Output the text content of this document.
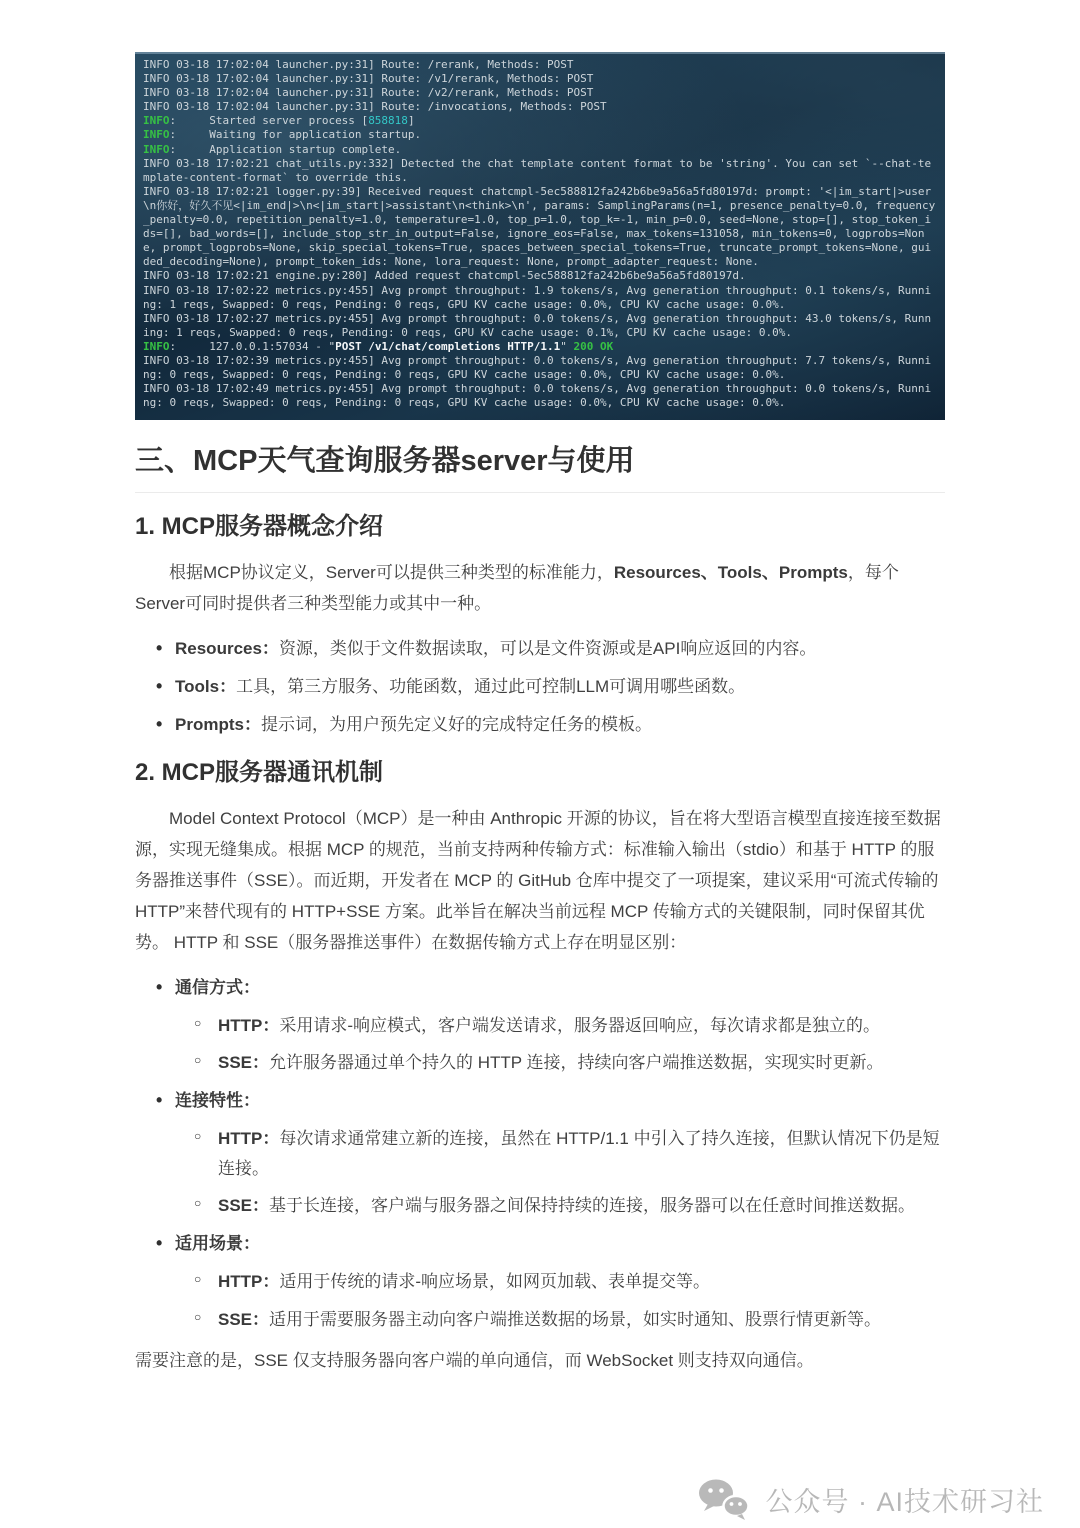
INFO 03-18 17:02:04 launcher.py:31] Route: /rerank, Methods: POST
INFO 03-18 17:02:04 launcher.py:31] Route: /v1/rerank, Methods: POST
INFO 03-18 17:02:04 launcher.py:31] Route: /v2/rerank, Methods: POST
INFO 03-18 17:02:04 launcher.py:31] Route: /invocations, Methods: POST
INFO:     Started server process [858818]
INFO:     Waiting for application startup.
INFO:     Application startup complete.
INFO 03-18 17:02:21 chat_utils.py:332] Detected the chat template content format to be 'string'. You can set `--chat-template-content-format` to override this.
INFO 03-18 17:02:21 logger.py:39] Received request chatcmpl-5ec588812fa242b6be9a56a5fd80197d: prompt: '<|im_start|>user\n你好，好久不见<|im_end|>\n<|im_start|>assistant\n<think>\n', params: SamplingParams(n=1, presence_penalty=0.0, frequency_penalty=0.0, repetition_penalty=1.0, temperature=1.0, top_p=1.0, top_k=-1, min_p=0.0, seed=None, stop=[], stop_token_ids=[], bad_words=[], include_stop_str_in_output=False, ignore_eos=False, max_tokens=131058, min_tokens=0, logprobs=None, prompt_logprobs=None, skip_special_tokens=True, spaces_between_special_tokens=True, truncate_prompt_tokens=None, guided_decoding=None), prompt_token_ids: None, lora_request: None, prompt_adapter_request: None.
INFO 03-18 17:02:21 engine.py:280] Added request chatcmpl-5ec588812fa242b6be9a56a5fd80197d.
INFO 03-18 17:02:22 metrics.py:455] Avg prompt throughput: 1.9 tokens/s, Avg generation throughput: 0.1 tokens/s, Running: 1 reqs, Swapped: 0 reqs, Pending: 0 reqs, GPU KV cache usage: 0.0%, CPU KV cache usage: 0.0%.
INFO 03-18 17:02:27 metrics.py:455] Avg prompt throughput: 0.0 tokens/s, Avg generation throughput: 43.0 tokens/s, Running: 1 reqs, Swapped: 0 reqs, Pending: 0 reqs, GPU KV cache usage: 0.1%, CPU KV cache usage: 0.0%.
INFO:     127.0.0.1:57034 - "POST /v1/chat/completions HTTP/1.1" 200 OK
INFO 03-18 17:02:39 metrics.py:455] Avg prompt throughput: 0.0 tokens/s, Avg generation throughput: 7.7 tokens/s, Running: 0 reqs, Swapped: 0 reqs, Pending: 0 reqs, GPU KV cache usage: 0.0%, CPU KV cache usage: 0.0%.
INFO 03-18 17:02:49 metrics.py:455] Avg prompt throughput: 0.0 tokens/s, Avg generation throughput: 0.0 tokens/s, Running: 0 reqs, Swapped: 0 reqs, Pending: 0 reqs, GPU KV cache usage: 0.0%, CPU KV cache usage: 0.0%.
三、MCP天气查询服务器server与使用
1. MCP服务器概念介绍

根据MCP协议定义，Server可以提供三种类型的标准能力，Resources、Tools、Prompts，每个Server可同时提供者三种类型能力或其中一种。

• Resources：资源，类似于文件数据读取，可以是文件资源或是API响应返回的内容。
• Tools：工具，第三方服务、功能函数，通过此可控制LLM可调用哪些函数。
• Prompts：提示词，为用户预先定义好的完成特定任务的模板。
2. MCP服务器通讯机制

Model Context Protocol（MCP）是一种由 Anthropic 开源的协议，旨在将大型语言模型直接连接至数据源，实现无缝集成。根据 MCP 的规范，当前支持两种传输方式：标准输入输出（stdio）和基于 HTTP 的服务器推送事件（SSE）。而近期，开发者在 MCP 的 GitHub 仓库中提交了一项提案，建议采用“可流式传输的 HTTP”来替代现有的 HTTP+SSE 方案。此举旨在解决当前远程 MCP 传输方式的关键限制，同时保留其优势。 HTTP 和 SSE（服务器推送事件）在数据传输方式上存在明显区别：

• 通信方式：
○ HTTP：采用请求-响应模式，客户端发送请求，服务器返回响应，每次请求都是独立的。
○ SSE：允许服务器通过单个持久的 HTTP 连接，持续向客户端推送数据，实现实时更新。
• 连接特性：
○ HTTP：每次请求通常建立新的连接，虽然在 HTTP/1.1 中引入了持久连接，但默认情况下仍是短连接。
○ SSE：基于长连接，客户端与服务器之间保持持续的连接，服务器可以在任意时间推送数据。
• 适用场景：
○ HTTP：适用于传统的请求-响应场景，如网页加载、表单提交等。
○ SSE：适用于需要服务器主动向客户端推送数据的场景，如实时通知、股票行情更新等。

需要注意的是，SSE 仅支持服务器向客户端的单向通信，而 WebSocket 则支持双向通信。

公众号 · AI技术研习社
